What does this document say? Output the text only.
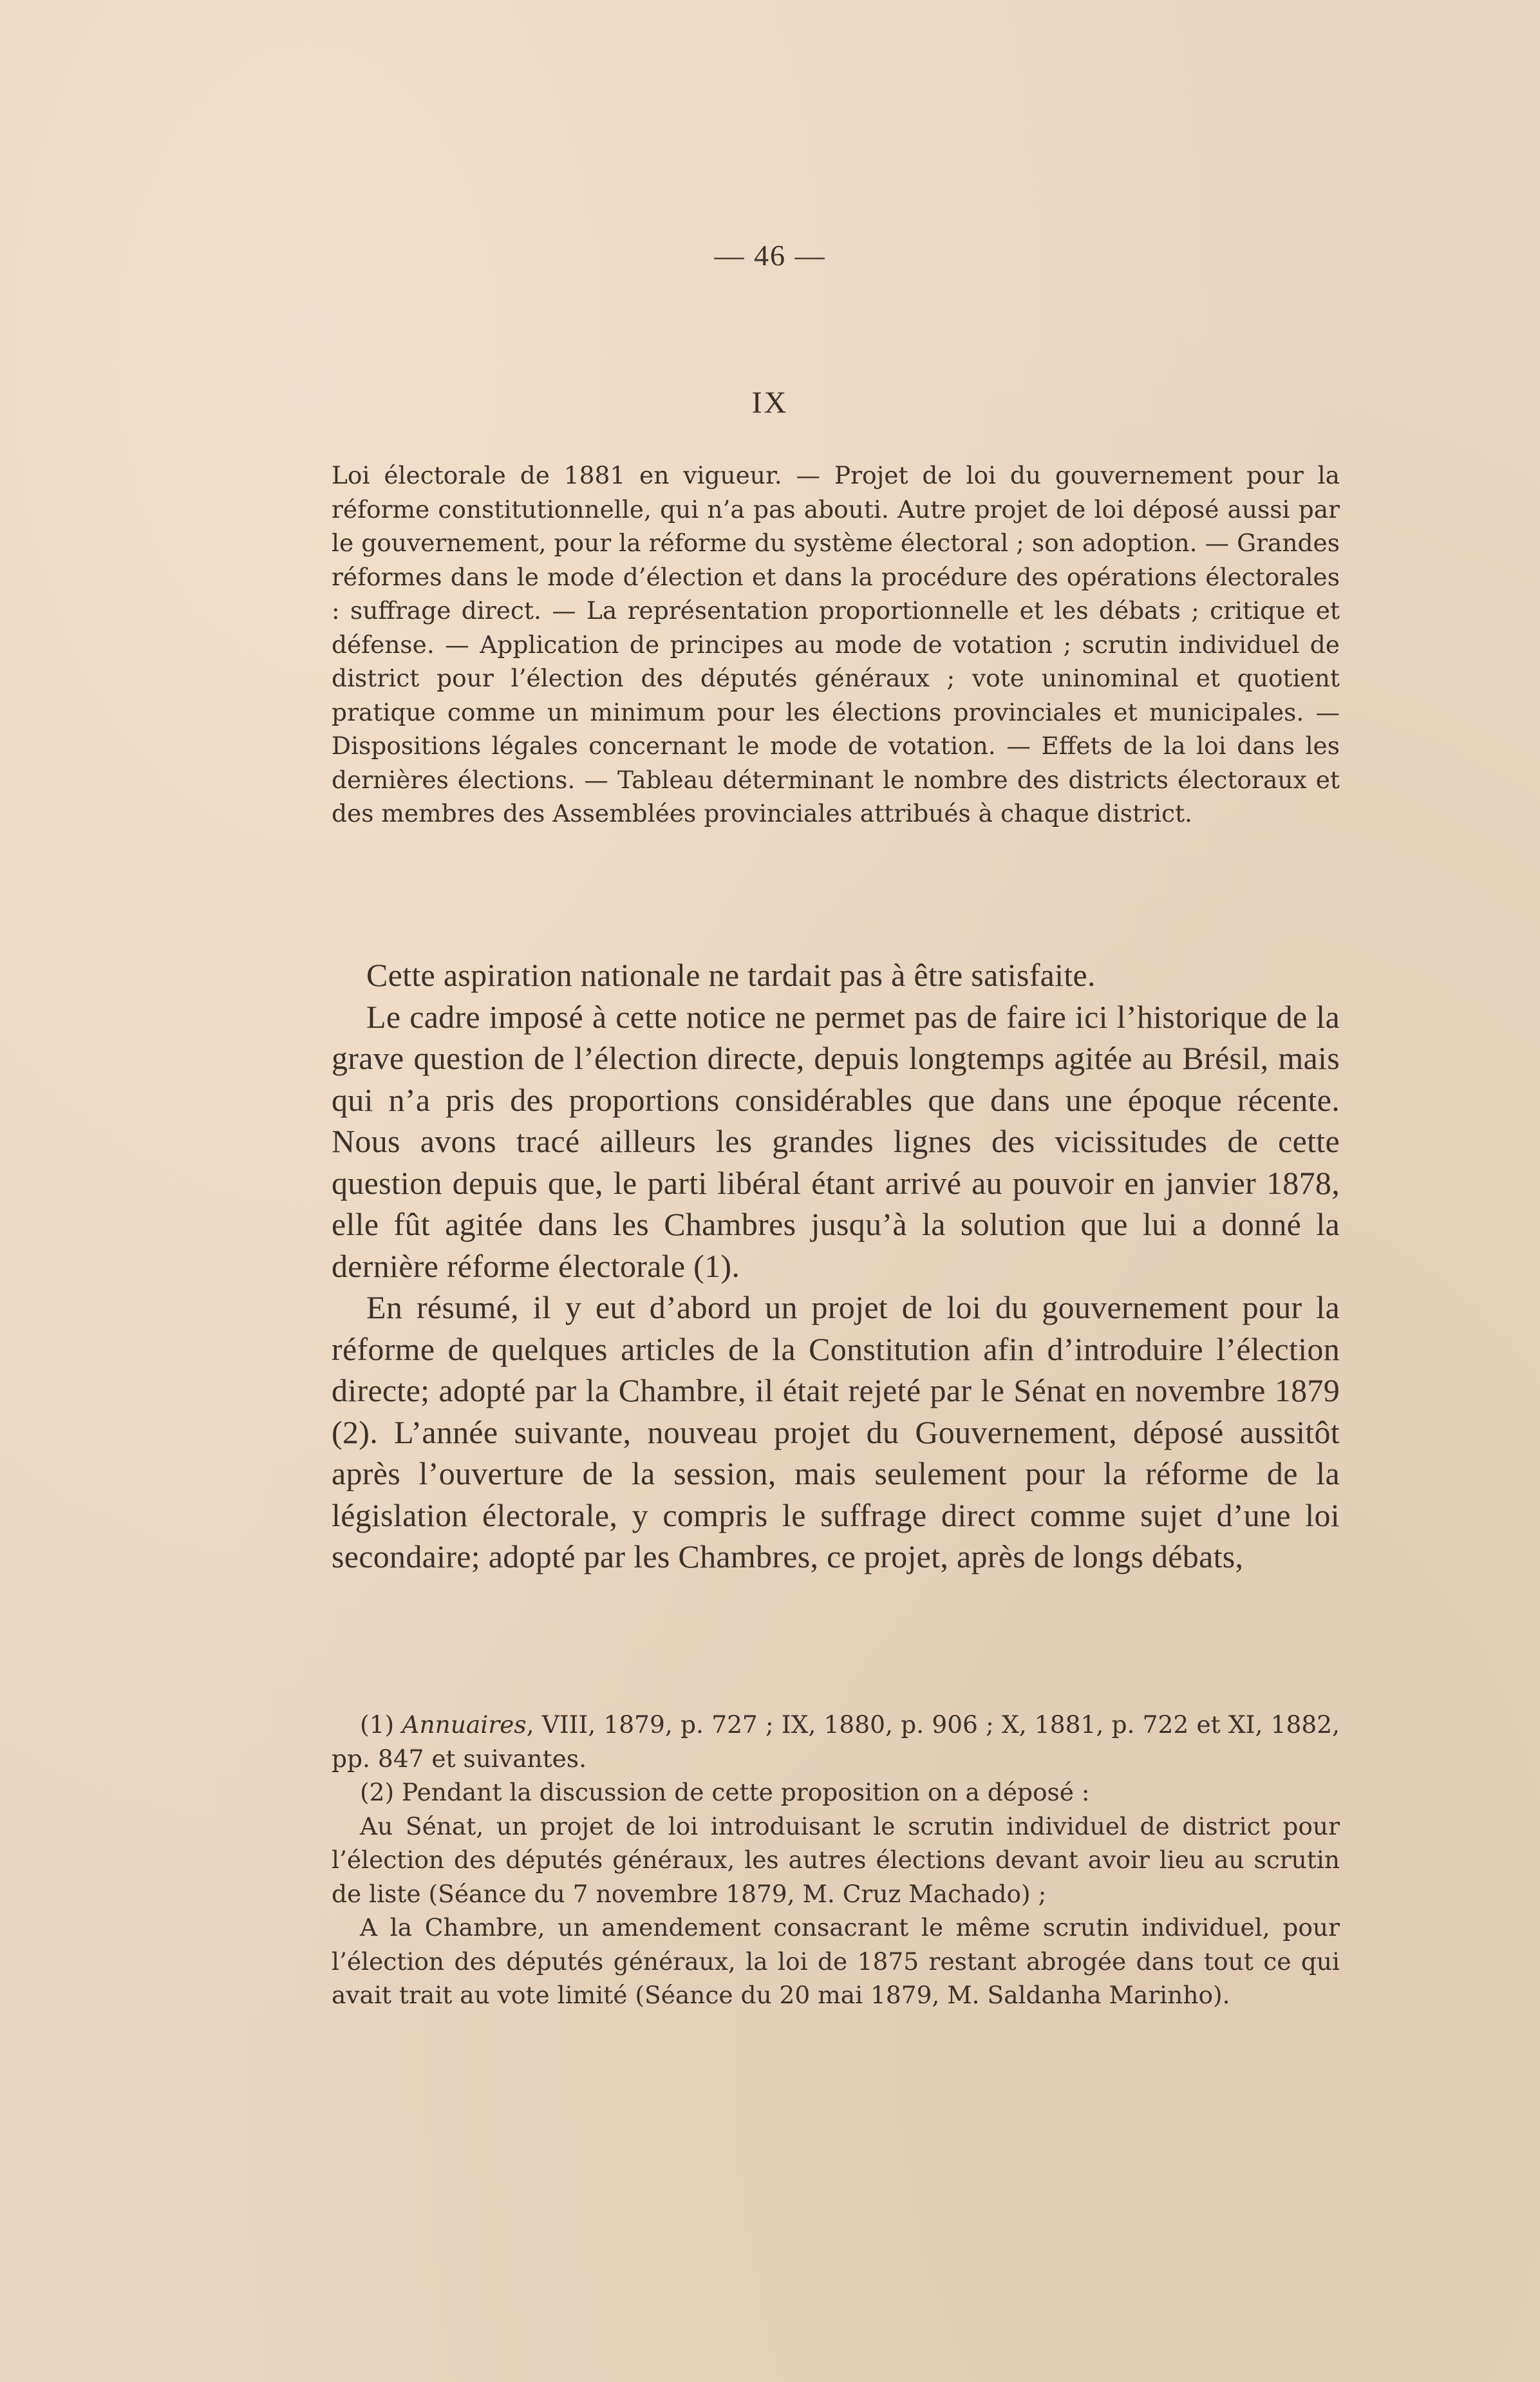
— 46 —
IX

Loi électorale de 1881 en vigueur. — Projet de loi du gouvernement pour la réforme constitutionnelle, qui n’a pas abouti. Autre projet de loi déposé aussi par le gouvernement, pour la réforme du système électoral ; son adoption. — Grandes réformes dans le mode d’élection et dans la procédure des opérations électorales : suffrage direct. — La représentation proportionnelle et les débats ; critique et défense. — Application de principes au mode de votation ; scrutin individuel de district pour l’élection des députés généraux ; vote uninominal et quotient pratique comme un minimum pour les élections provinciales et municipales. — Dispositions légales concernant le mode de votation. — Effets de la loi dans les dernières élections. — Tableau déterminant le nombre des districts électoraux et des membres des Assemblées provinciales attribués à chaque district.

Cette aspiration nationale ne tardait pas à être satisfaite.

Le cadre imposé à cette notice ne permet pas de faire ici l’historique de la grave question de l’élection directe, depuis longtemps agitée au Brésil, mais qui n’a pris des proportions considérables que dans une époque récente. Nous avons tracé ailleurs les grandes lignes des vicissitudes de cette question depuis que, le parti libéral étant arrivé au pouvoir en janvier 1878, elle fût agitée dans les Chambres jusqu’à la solution que lui a donné la dernière réforme électorale (1).

En résumé, il y eut d’abord un projet de loi du gouvernement pour la réforme de quelques articles de la Constitution afin d’introduire l’élection directe; adopté par la Chambre, il était rejeté par le Sénat en novembre 1879 (2). L’année suivante, nouveau projet du Gouvernement, déposé aussitôt après l’ouverture de la session, mais seulement pour la réforme de la législation électorale, y compris le suffrage direct comme sujet d’une loi secondaire; adopté par les Chambres, ce projet, après de longs débats,

(1) Annuaires, VIII, 1879, p. 727 ; IX, 1880, p. 906 ; X, 1881, p. 722 et XI, 1882, pp. 847 et suivantes.

(2) Pendant la discussion de cette proposition on a déposé :

Au Sénat, un projet de loi introduisant le scrutin individuel de district pour l’élection des députés généraux, les autres élections devant avoir lieu au scrutin de liste (Séance du 7 novembre 1879, M. Cruz Machado) ;

A la Chambre, un amendement consacrant le même scrutin individuel, pour l’élection des députés généraux, la loi de 1875 restant abrogée dans tout ce qui avait trait au vote limité (Séance du 20 mai 1879, M. Saldanha Marinho).
